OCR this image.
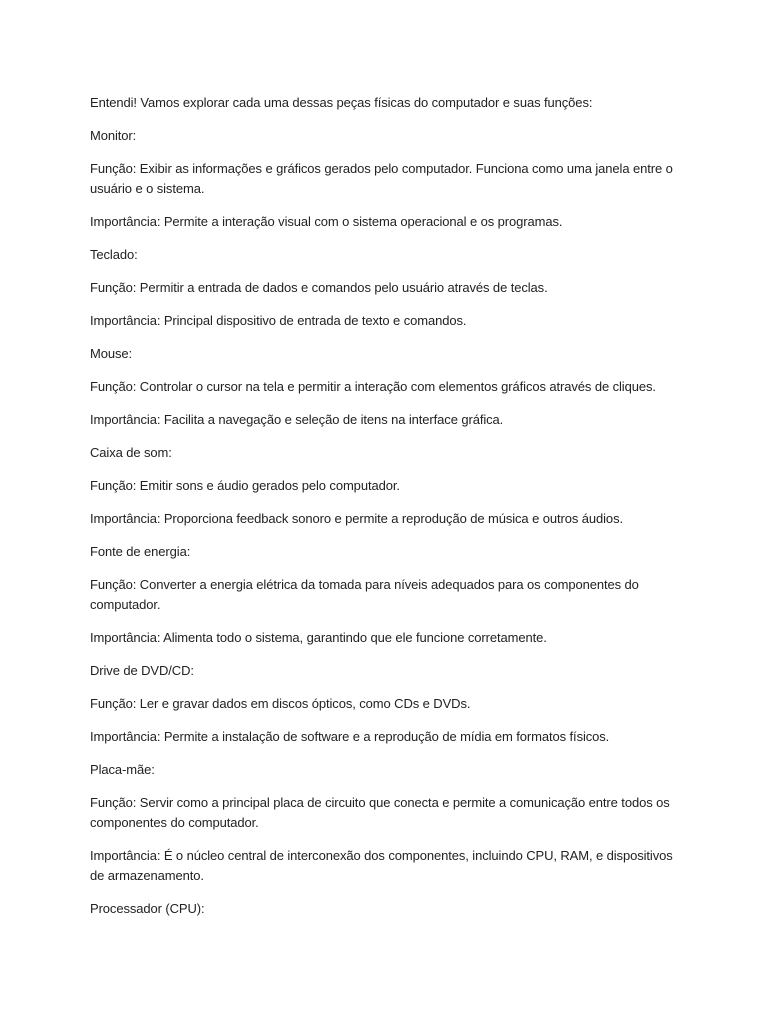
Entendi! Vamos explorar cada uma dessas peças físicas do computador e suas funções:

Monitor:

Função: Exibir as informações e gráficos gerados pelo computador. Funciona como uma janela entre o usuário e o sistema.

Importância: Permite a interação visual com o sistema operacional e os programas.

Teclado:

Função: Permitir a entrada de dados e comandos pelo usuário através de teclas.

Importância: Principal dispositivo de entrada de texto e comandos.

Mouse:

Função: Controlar o cursor na tela e permitir a interação com elementos gráficos através de cliques.

Importância: Facilita a navegação e seleção de itens na interface gráfica.

Caixa de som:

Função: Emitir sons e áudio gerados pelo computador.

Importância: Proporciona feedback sonoro e permite a reprodução de música e outros áudios.

Fonte de energia:

Função: Converter a energia elétrica da tomada para níveis adequados para os componentes do computador.

Importância: Alimenta todo o sistema, garantindo que ele funcione corretamente.

Drive de DVD/CD:

Função: Ler e gravar dados em discos ópticos, como CDs e DVDs.

Importância: Permite a instalação de software e a reprodução de mídia em formatos físicos.

Placa-mãe:

Função: Servir como a principal placa de circuito que conecta e permite a comunicação entre todos os componentes do computador.

Importância: É o núcleo central de interconexão dos componentes, incluindo CPU, RAM, e dispositivos de armazenamento.

Processador (CPU):
